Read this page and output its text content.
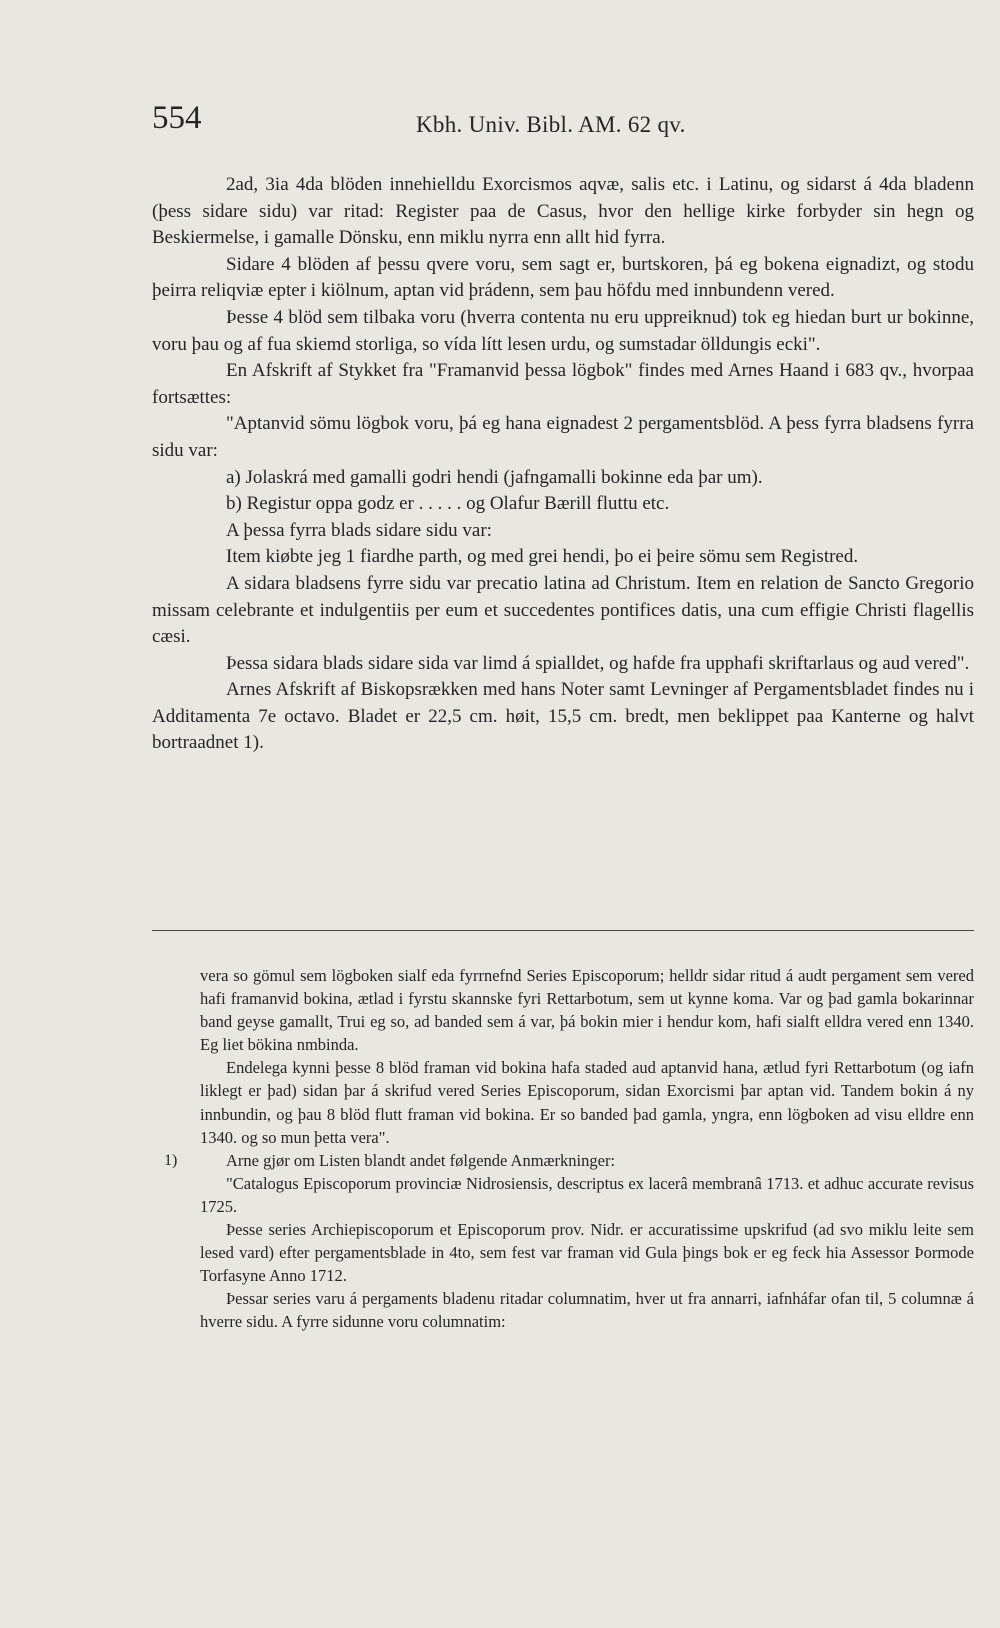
554	Kbh. Univ. Bibl. AM. 62 qv.

2ad, 3ia 4da blöden innehielldu Exorcismos aqvæ, salis etc. i Latinu, og sidarst á 4da bladenn (þess sidare sidu) var ritad: Register paa de Casus, hvor den hellige kirke forbyder sin hegn og Beskiermelse, i gamalle Dönsku, enn miklu nyrra enn allt hid fyrra.

Sidare 4 blöden af þessu qvere voru, sem sagt er, burtskoren, þá eg bokena eignadizt, og stodu þeirra reliqviæ epter i kiölnum, aptan vid þrádenn, sem þau höfdu med innbundenn vered.

Þesse 4 blöd sem tilbaka voru (hverra contenta nu eru uppreiknud) tok eg hiedan burt ur bokinne, voru þau og af fua skiemd storliga, so vída lítt lesen urdu, og sumstadar ölldungis ecki".

En Afskrift af Stykket fra "Framanvid þessa lögbok" findes med Arnes Haand i 683 qv., hvorpaa fortsættes:

"Aptanvid sömu lögbok voru, þá eg hana eignadest 2 pergamentsblöd. A þess fyrra bladsens fyrra sidu var:

a) Jolaskrá med gamalli godri hendi (jafngamalli bokinne eda þar um).

b) Registur oppa godz er . . . . . og Olafur Bærill fluttu etc.

A þessa fyrra blads sidare sidu var:

Item kiøbte jeg 1 fiardhe parth, og med grei hendi, þo ei þeire sömu sem Registred.

A sidara bladsens fyrre sidu var precatio latina ad Christum. Item en relation de Sancto Gregorio missam celebrante et indulgentiis per eum et succedentes pontifices datis, una cum effigie Christi flagellis cæsi.

Þessa sidara blads sidare sida var limd á spialldet, og hafde fra upphafi skriftarlaus og aud vered".

Arnes Afskrift af Biskopsrækken med hans Noter samt Levninger af Pergamentsbladet findes nu i Additamenta 7e octavo. Bladet er 22,5 cm. høit, 15,5 cm. bredt, men beklippet paa Kanterne og halvt bortraadnet 1).

vera so gömul sem lögboken sialf eda fyrrnefnd Series Episcoporum; helldr sidar ritud á audt pergament sem vered hafi framanvid bokina, ætlad i fyrstu skannske fyri Rettarbotum, sem ut kynne koma. Var og þad gamla bokarinnar band geyse gamallt, Trui eg so, ad banded sem á var, þá bokin mier i hendur kom, hafi sialft elldra vered enn 1340. Eg liet bökina nmbinda.

Endelega kynni þesse 8 blöd framan vid bokina hafa staded aud aptanvid hana, ætlud fyri Rettarbotum (og iafn liklegt er þad) sidan þar á skrifud vered Series Episcoporum, sidan Exorcismi þar aptan vid. Tandem bokin á ny innbundin, og þau 8 blöd flutt framan vid bokina. Er so banded þad gamla, yngra, enn lögboken ad visu elldre enn 1340. og so mun þetta vera".

1)	Arne gjør om Listen blandt andet følgende Anmærkninger:

"Catalogus Episcoporum provinciæ Nidrosiensis, descriptus ex lacerâ membranâ 1713. et adhuc accurate revisus 1725.

Þesse series Archiepiscoporum et Episcoporum prov. Nidr. er accuratissime upskrifud (ad svo miklu leite sem lesed vard) efter pergamentsblade in 4to, sem fest var framan vid Gula þings bok er eg feck hia Assessor Þormode Torfasyne Anno 1712.

Þessar series varu á pergaments bladenu ritadar columnatim, hver ut fra annarri, iafnháfar ofan til, 5 columnæ á hverre sidu. A fyrre sidunne voru columnatim:
